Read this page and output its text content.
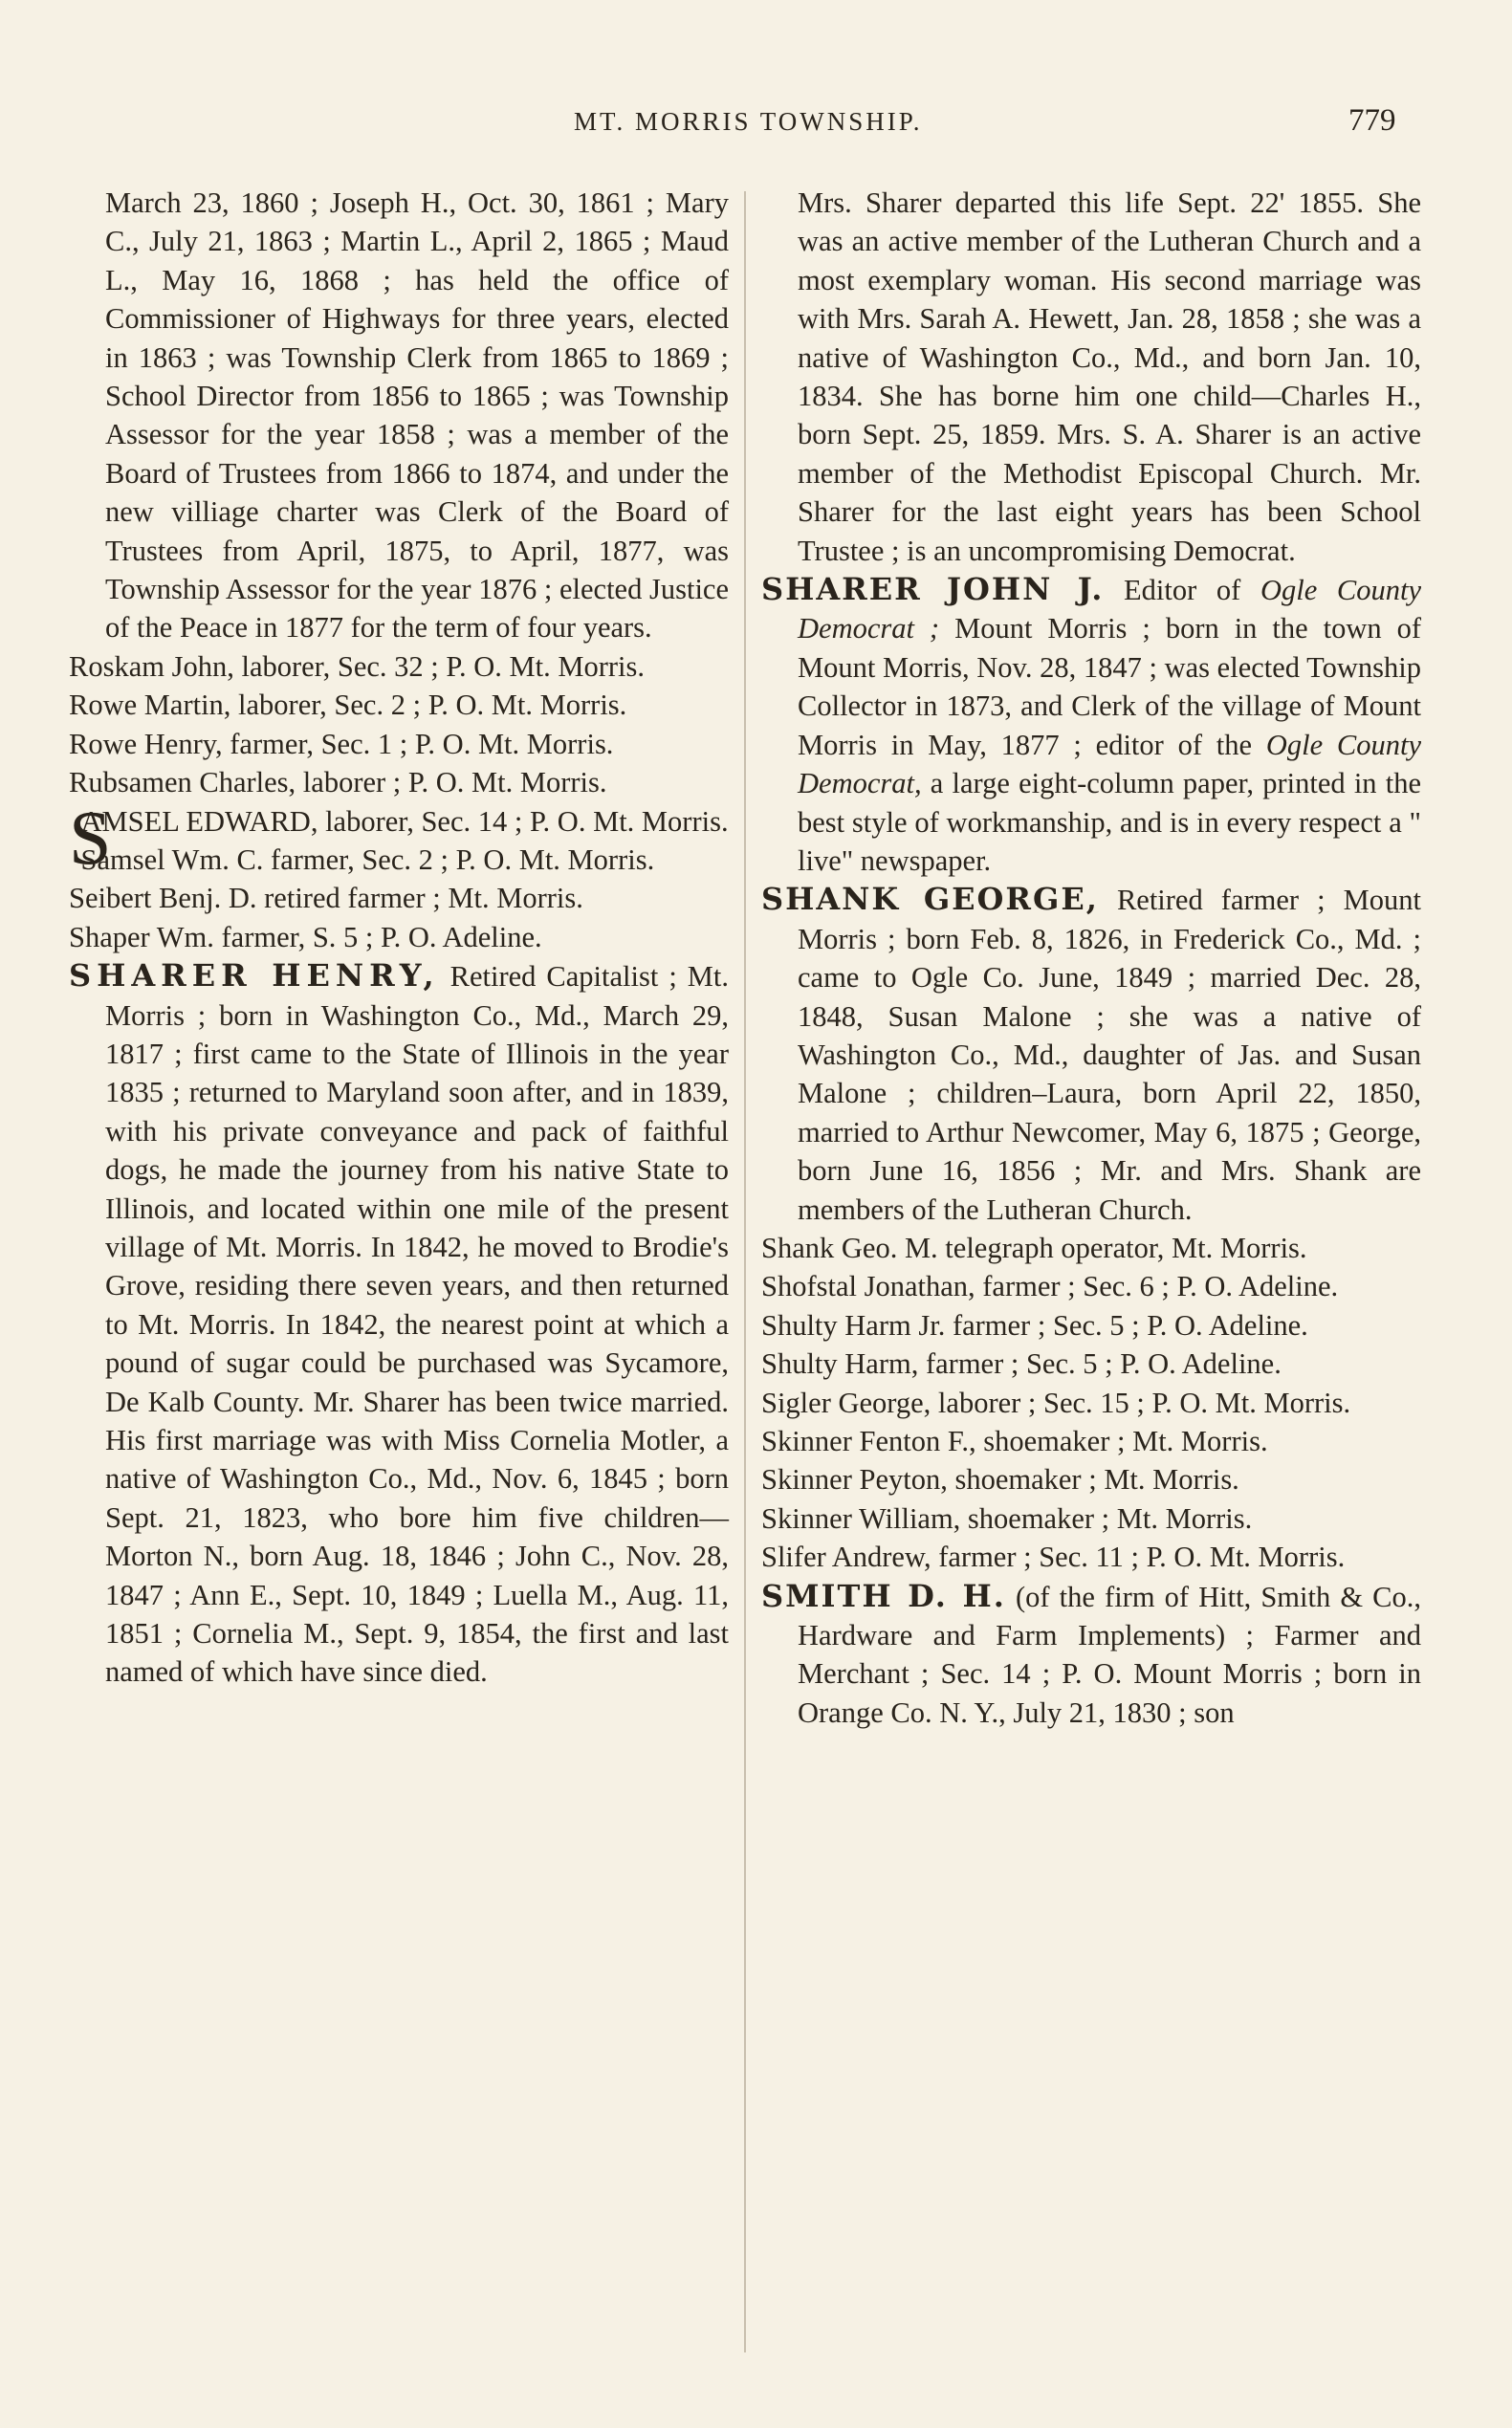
MT. MORRIS TOWNSHIP.	779

March 23, 1860 ; Joseph H., Oct. 30, 1861 ; Mary C., July 21, 1863 ; Martin L., April 2, 1865 ; Maud L., May 16, 1868 ; has held the office of Commissioner of Highways for three years, elected in 1863 ; was Township Clerk from 1865 to 1869 ; School Director from 1856 to 1865 ; was Township Assessor for the year 1858 ; was a member of the Board of Trustees from 1866 to 1874, and under the new villiage charter was Clerk of the Board of Trustees from April, 1875, to April, 1877, was Township Assessor for the year 1876 ; elected Justice of the Peace in 1877 for the term of four years.

Roskam John, laborer, Sec. 32 ; P. O. Mt. Morris.

Rowe Martin, laborer, Sec. 2 ; P. O. Mt. Morris.

Rowe Henry, farmer, Sec. 1 ; P. O. Mt. Morris.

Rubsamen Charles, laborer ; P. O. Mt. Morris.

S
AMSEL EDWARD, laborer, Sec. 14 ; P. O. Mt. Morris.

Samsel Wm. C. farmer, Sec. 2 ; P. O. Mt. Morris.

Seibert Benj. D. retired farmer ; Mt. Morris.

Shaper Wm. farmer, S. 5 ; P. O. Adeline.

SHARER HENRY, Retired Capitalist ; Mt. Morris ; born in Washington Co., Md., March 29, 1817 ; first came to the State of Illinois in the year 1835 ; returned to Maryland soon after, and in 1839, with his private conveyance and pack of faithful dogs, he made the journey from his native State to Illinois, and located within one mile of the present village of Mt. Morris. In 1842, he moved to Brodie's Grove, residing there seven years, and then returned to Mt. Morris. In 1842, the nearest point at which a pound of sugar could be purchased was Sycamore, De Kalb County. Mr. Sharer has been twice married. His first marriage was with Miss Cornelia Motler, a native of Washington Co., Md., Nov. 6, 1845 ; born Sept. 21, 1823, who bore him five children— Morton N., born Aug. 18, 1846 ; John C., Nov. 28, 1847 ; Ann E., Sept. 10, 1849 ; Luella M., Aug. 11, 1851 ; Cornelia M., Sept. 9, 1854, the first and last named of which have since died.

Mrs. Sharer departed this life Sept. 22' 1855. She was an active member of the Lutheran Church and a most exemplary woman. His second marriage was with Mrs. Sarah A. Hewett, Jan. 28, 1858 ; she was a native of Washington Co., Md., and born Jan. 10, 1834. She has borne him one child—Charles H., born Sept. 25, 1859. Mrs. S. A. Sharer is an active member of the Methodist Episcopal Church. Mr. Sharer for the last eight years has been School Trustee ; is an uncompromising Democrat.

SHARER JOHN J. Editor of Ogle County Democrat ; Mount Morris ; born in the town of Mount Morris, Nov. 28, 1847 ; was elected Township Collector in 1873, and Clerk of the village of Mount Morris in May, 1877 ; editor of the Ogle County Democrat, a large eight-column paper, printed in the best style of workmanship, and is in every respect a " live" newspaper.

SHANK GEORGE, Retired farmer ; Mount Morris ; born Feb. 8, 1826, in Frederick Co., Md. ; came to Ogle Co. June, 1849 ; married Dec. 28, 1848, Susan Malone ; she was a native of Washington Co., Md., daughter of Jas. and Susan Malone ; children–Laura, born April 22, 1850, married to Arthur Newcomer, May 6, 1875 ; George, born June 16, 1856 ; Mr. and Mrs. Shank are members of the Lutheran Church.

Shank Geo. M. telegraph operator, Mt. Morris.

Shofstal Jonathan, farmer ; Sec. 6 ; P. O. Adeline.

Shulty Harm Jr. farmer ; Sec. 5 ; P. O. Adeline.

Shulty Harm, farmer ; Sec. 5 ; P. O. Adeline.

Sigler George, laborer ; Sec. 15 ; P. O. Mt. Morris.

Skinner Fenton F., shoemaker ; Mt. Morris.

Skinner Peyton, shoemaker ; Mt. Morris.

Skinner William, shoemaker ; Mt. Morris.

Slifer Andrew, farmer ; Sec. 11 ; P. O. Mt. Morris.

SMITH D. H. (of the firm of Hitt, Smith & Co., Hardware and Farm Implements) ; Farmer and Merchant ; Sec. 14 ; P. O. Mount Morris ; born in Orange Co. N. Y., July 21, 1830 ; son
